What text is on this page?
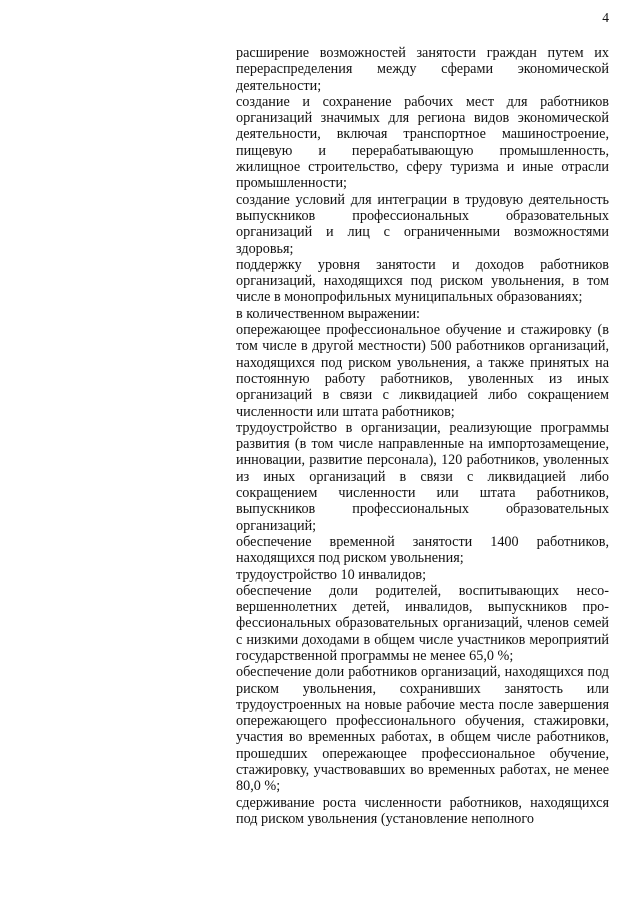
4

расширение возможностей занятости граждан путем их перераспределения между сферами экономической деятельности;

создание и сохранение рабочих мест для работников организаций значимых для региона видов экономической деятельности, включая транспортное машиностроение, пищевую и перерабатывающую промышленность, жилищное строительство, сферу туризма и иные отрасли промышленности;

создание условий для интеграции в трудовую деятельность выпускников профессиональных образовательных организаций и лиц с ограниченными возможностями здоровья;

поддержку уровня занятости и доходов работников организаций, находящихся под риском увольнения, в том числе в монопрофильных муниципальных образованиях;

в количественном выражении:

опережающее профессиональное обучение и стажировку (в том числе в другой местности) 500 работников организаций, находящихся под риском увольнения, а также принятых на постоянную работу работников, уволенных из иных организаций в связи с ликвидацией либо сокращением численности или штата работников;

трудоустройство в организации, реализующие программы развития (в том числе направленные на импортозамещение, инновации, развитие персонала), 120 работников, уволенных из иных организаций в связи с ликвидацией либо сокращением численности или штата работников, выпускников профессиональных образовательных организаций;

обеспечение временной занятости 1400 работников, находящихся под риском увольнения;

трудоустройство 10 инвалидов;

обеспечение доли родителей, воспитывающих несовершеннолетних детей, инвалидов, выпускников профессиональных образовательных организаций, членов семей с низкими доходами в общем числе участников мероприятий государственной программы не менее 65,0 %;

обеспечение доли работников организаций, находящихся под риском увольнения, сохранивших занятость или трудоустроенных на новые рабочие места после завершения опережающего профессионального обучения, стажировки, участия во временных работах, в общем числе работников, прошедших опережающее профессиональное обучение, стажировку, участвовавших во временных работах, не менее 80,0 %;

сдерживание роста численности работников, находящихся под риском увольнения (установление неполного
